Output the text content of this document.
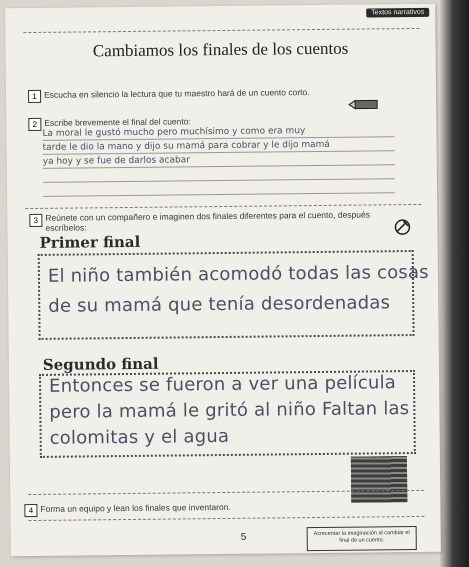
Textos narrativos
Cambiamos los finales de los cuentos
1 Escucha en silencio la lectura que tu maestro hará de un cuento corto.
2 Escribe brevemente el final del cuento:
La moral le gustó mucho pero muchísimo y como era muy
tarde le dio la mano y dijo su mamá para cobrar y le dijo mamá
ya hoy y se fue de darlos acabar
3 Reúnete con un compañero e imaginen dos finales diferentes para el cuento, después escríbelos:
Primer final
El niño también acomodó todas las cosas
de su mamá que tenía desordenadas
Segundo final
Entonces se fueron a ver una película
pero la mamá le gritó al niño Faltan las
colomitas y el agua
4 Forma un equipo y lean los finales que inventaron.
5	Acrecentar la imaginación al cambiar el final de un cuento.
